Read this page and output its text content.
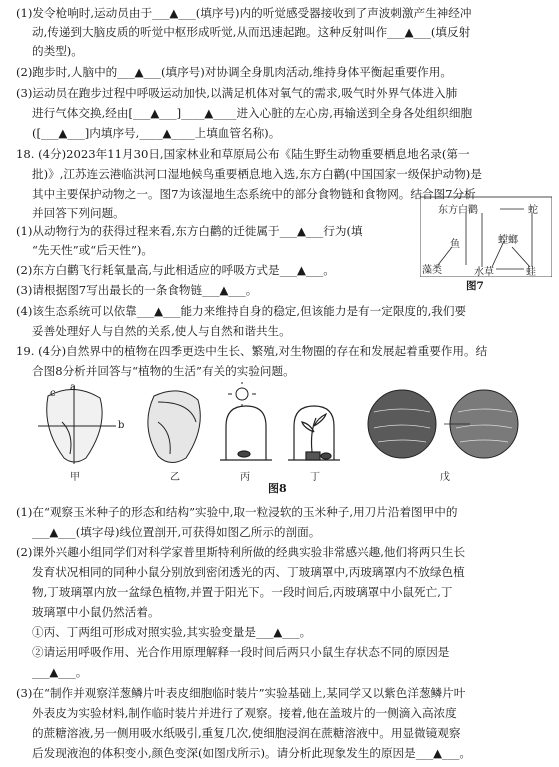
(1)发令枪响时,运动员由于___▲___(填序号)内的听觉感受器接收到了声波刺激产生神经冲
动,传递到大脑皮质的听觉中枢形成听觉,从而迅速起跑。这种反射叫作___▲___(填反射
的类型)。
(2)跑步时,人脑中的___▲___(填序号)对协调全身肌肉活动,维持身体平衡起重要作用。
(3)运动员在跑步过程中呼吸运动加快,以满足机体对氧气的需求,吸气时外界气体进入肺
进行气体交换,经由[___▲___]____▲____进入心脏的左心房,再输送到全身各处组织细胞
([___▲___]内填序号,____▲____上填血管名称)。
18. (4分)2023年11月30日,国家林业和草原局公布《陆生野生动物重要栖息地名录(第一
批)》,江苏连云港临洪河口湿地候鸟重要栖息地入选,东方白鹳(中国国家一级保护动物)是
其中主要保护动物之一。图7为该湿地生态系统中的部分食物链和食物网。结合图7分析
并回答下列问题。
(1)从动物行为的获得过程来看,东方白鹳的迁徙属于___▲___行为(填
“先天性”或“后天性”)。
(2)东方白鹳飞行耗氧量高,与此相适应的呼吸方式是___▲___。
(3)请根据图7写出最长的一条食物链___▲___。
(4)该生态系统可以依靠___▲___能力来维持自身的稳定,但该能力是有一定限度的,我们要
妥善处理好人与自然的关系,使人与自然和谐共生。
19. (4分)自然界中的植物在四季更迭中生长、繁殖,对生物圈的存在和发展起着重要作用。结
合图8分析并回答与“植物的生活”有关的实验问题。
(1)在“观察玉米种子的形态和结构”实验中,取一粒浸软的玉米种子,用刀片沿着图甲中的
___▲___(填字母)线位置剖开,可获得如图乙所示的剖面。
(2)课外兴趣小组同学们对科学家普里斯特利所做的经典实验非常感兴趣,他们将两只生长
发育状况相同的同种小鼠分别放到密闭透光的丙、丁玻璃罩中,丙玻璃罩内不放绿色植
物,丁玻璃罩内放一盆绿色植物,并置于阳光下。一段时间后,丙玻璃罩中小鼠死亡,丁
玻璃罩中小鼠仍然活着。
①丙、丁两组可形成对照实验,其实验变量是___▲___。
②请运用呼吸作用、光合作用原理解释一段时间后两只小鼠生存状态不同的原因是
___▲___。
(3)在“制作并观察洋葱鳞片叶表皮细胞临时装片”实验基础上,某同学又以紫色洋葱鳞片叶
外表皮为实验材料,制作临时装片并进行了观察。接着,他在盖玻片的一侧滴入高浓度
的蔗糖溶液,另一侧用吸水纸吸引,重复几次,使细胞浸润在蔗糖溶液中。用显微镜观察
后发现液泡的体积变小,颜色变深(如图戊所示)。请分析此现象发生的原因是___▲___。
东方白鹳	蛇
鱼	螳螂
藻类	水草	蛙
图7
a
b
c
甲	乙	丙	丁	戊
图8
